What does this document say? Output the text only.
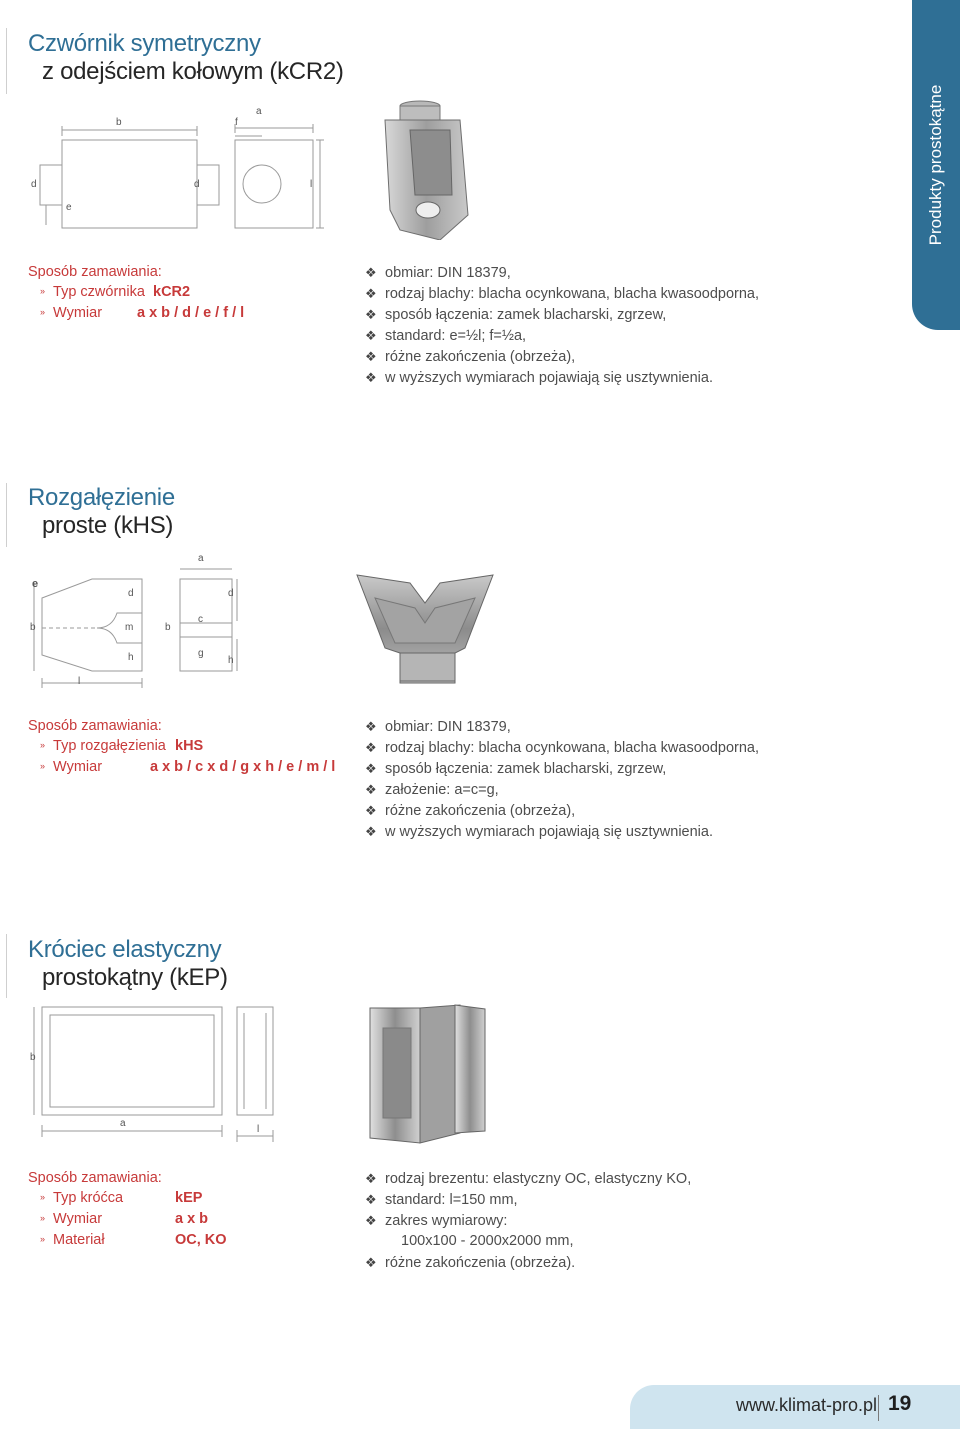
Produkty prostokątne
Czwórnik symetryczny
z odejściem kołowym (kCR2)
b
a
f
d
e
d	l
Sposób zamawiania:
» Typ czwórnika kCR2
» Wymiar a x b / d / e / f / l
❖ obmiar: DIN 18379,
❖ rodzaj blachy: blacha ocynkowana, blacha kwasoodporna,
❖ sposób łączenia: zamek blacharski, zgrzew,
❖ standard: e=½l; f=½a,
❖ różne zakończenia (obrzeża),
❖ w wyższych wymiarach pojawiają się usztywnienia.
Rozgałęzienie
proste (kHS)
e
d
b	m
h
l
a
d
c
b
g
h
Sposób zamawiania:
» Typ rozgałęzienia kHS
» Wymiar	a x b / c x d / g x h / e / m / l
❖ obmiar: DIN 18379,
❖ rodzaj blachy: blacha ocynkowana, blacha kwasoodporna,
❖ sposób łączenia: zamek blacharski, zgrzew,
❖ założenie: a=c=g,
❖ różne zakończenia (obrzeża),
❖ w wyższych wymiarach pojawiają się usztywnienia.
Króciec elastyczny
prostokątny (kEP)
b
a
l
Sposób zamawiania:
» Typ króćca	kEP
» Wymiar	a x b
» Materiał	OC, KO
❖ rodzaj brezentu: elastyczny OC, elastyczny KO,
❖ standard: l=150 mm,
❖ zakres wymiarowy:
100x100 - 2000x2000 mm,
❖ różne zakończenia (obrzeża).
www.klimat-pro.pl 19
